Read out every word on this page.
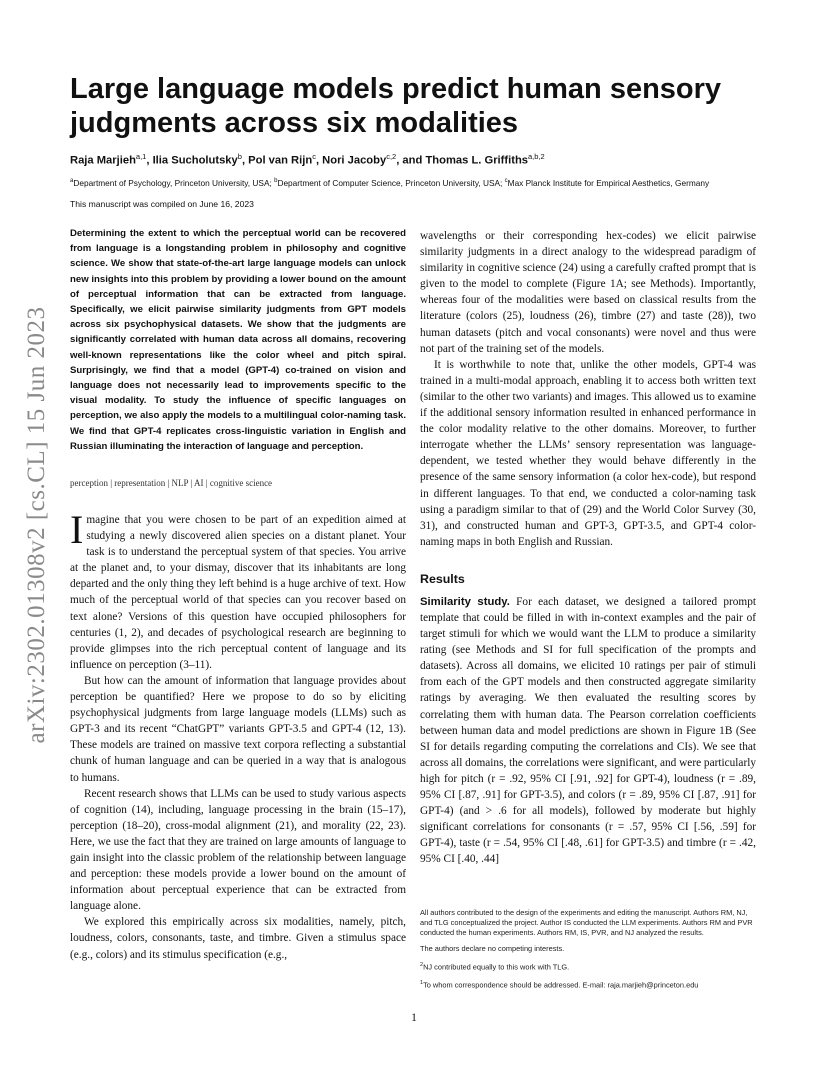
arXiv:2302.01308v2 [cs.CL] 15 Jun 2023
Large language models predict human sensory judgments across six modalities
Raja Marjieh$^{a,1}$, Ilia Sucholutsky$^b$, Pol van Rijn$^c$, Nori Jacoby$^{c,2}$, and Thomas L. Griffiths$^{a,b,2}$
$^a$Department of Psychology, Princeton University, USA; $^b$Department of Computer Science, Princeton University, USA; $^c$Max Planck Institute for Empirical Aesthetics, Germany
This manuscript was compiled on June 16, 2023

Determining the extent to which the perceptual world can be recovered from language is a longstanding problem in philosophy and cognitive science. We show that state-of-the-art large language models can unlock new insights into this problem by providing a lower bound on the amount of perceptual information that can be extracted from language. Specifically, we elicit pairwise similarity judgments from GPT models across six psychophysical datasets. We show that the judgments are significantly correlated with human data across all domains, recovering well-known representations like the color wheel and pitch spiral. Surprisingly, we find that a model (GPT-4) co-trained on vision and language does not necessarily lead to improvements specific to the visual modality. To study the influence of specific languages on perception, we also apply the models to a multilingual color-naming task. We find that GPT-4 replicates cross-linguistic variation in English and Russian illuminating the interaction of language and perception.

perception | representation | NLP | AI | cognitive science

Imagine that you were chosen to be part of an expedition aimed at studying a newly discovered alien species on a distant planet. Your task is to understand the perceptual system of that species. You arrive at the planet and, to your dismay, discover that its inhabitants are long departed and the only thing they left behind is a huge archive of text. How much of the perceptual world of that species can you recover based on text alone? Versions of this question have occupied philosophers for centuries (1, 2), and decades of psychological research are beginning to provide glimpses into the rich perceptual content of language and its influence on perception (3–11).

But how can the amount of information that language provides about perception be quantified? Here we propose to do so by eliciting psychophysical judgments from large language models (LLMs) such as GPT-3 and its recent “ChatGPT” variants GPT-3.5 and GPT-4 (12, 13). These models are trained on massive text corpora reflecting a substantial chunk of human language and can be queried in a way that is analogous to humans.

Recent research shows that LLMs can be used to study various aspects of cognition (14), including, language processing in the brain (15–17), perception (18–20), cross-modal alignment (21), and morality (22, 23). Here, we use the fact that they are trained on large amounts of language to gain insight into the classic problem of the relationship between language and perception: these models provide a lower bound on the amount of information about perceptual experience that can be extracted from language alone.

We explored this empirically across six modalities, namely, pitch, loudness, colors, consonants, taste, and timbre. Given a stimulus space (e.g., colors) and its stimulus specification (e.g.,

wavelengths or their corresponding hex-codes) we elicit pairwise similarity judgments in a direct analogy to the widespread paradigm of similarity in cognitive science (24) using a carefully crafted prompt that is given to the model to complete (Figure 1A; see Methods). Importantly, whereas four of the modalities were based on classical results from the literature (colors (25), loudness (26), timbre (27) and taste (28)), two human datasets (pitch and vocal consonants) were novel and thus were not part of the training set of the models.

It is worthwhile to note that, unlike the other models, GPT-4 was trained in a multi-modal approach, enabling it to access both written text (similar to the other two variants) and images. This allowed us to examine if the additional sensory information resulted in enhanced performance in the color modality relative to the other domains. Moreover, to further interrogate whether the LLMs’ sensory representation was language-dependent, we tested whether they would behave differently in the presence of the same sensory information (a color hex-code), but respond in different languages. To that end, we conducted a color-naming task using a paradigm similar to that of (29) and the World Color Survey (30, 31), and constructed human and GPT-3, GPT-3.5, and GPT-4 color-naming maps in both English and Russian.

Results

Similarity study. For each dataset, we designed a tailored prompt template that could be filled in with in-context examples and the pair of target stimuli for which we would want the LLM to produce a similarity rating (see Methods and SI for full specification of the prompts and datasets). Across all domains, we elicited 10 ratings per pair of stimuli from each of the GPT models and then constructed aggregate similarity ratings by averaging. We then evaluated the resulting scores by correlating them with human data. The Pearson correlation coefficients between human data and model predictions are shown in Figure 1B (See SI for details regarding computing the correlations and CIs). We see that across all domains, the correlations were significant, and were particularly high for pitch (r = .92, 95% CI [.91, .92] for GPT-4), loudness (r = .89, 95% CI [.87, .91] for GPT-3.5), and colors (r = .89, 95% CI [.87, .91] for GPT-4) (and > .6 for all models), followed by moderate but highly significant correlations for consonants (r = .57, 95% CI [.56, .59] for GPT-4), taste (r = .54, 95% CI [.48, .61] for GPT-3.5) and timbre (r = .42, 95% CI [.40, .44]

All authors contributed to the design of the experiments and editing the manuscript. Authors RM, NJ, and TLG conceptualized the project. Author IS conducted the LLM experiments. Authors RM and PVR conducted the human experiments. Authors RM, IS, PVR, and NJ analyzed the results.

The authors declare no competing interests.

$^2$NJ contributed equally to this work with TLG.

$^1$To whom correspondence should be addressed. E-mail: raja.marjieh@princeton.edu

1
